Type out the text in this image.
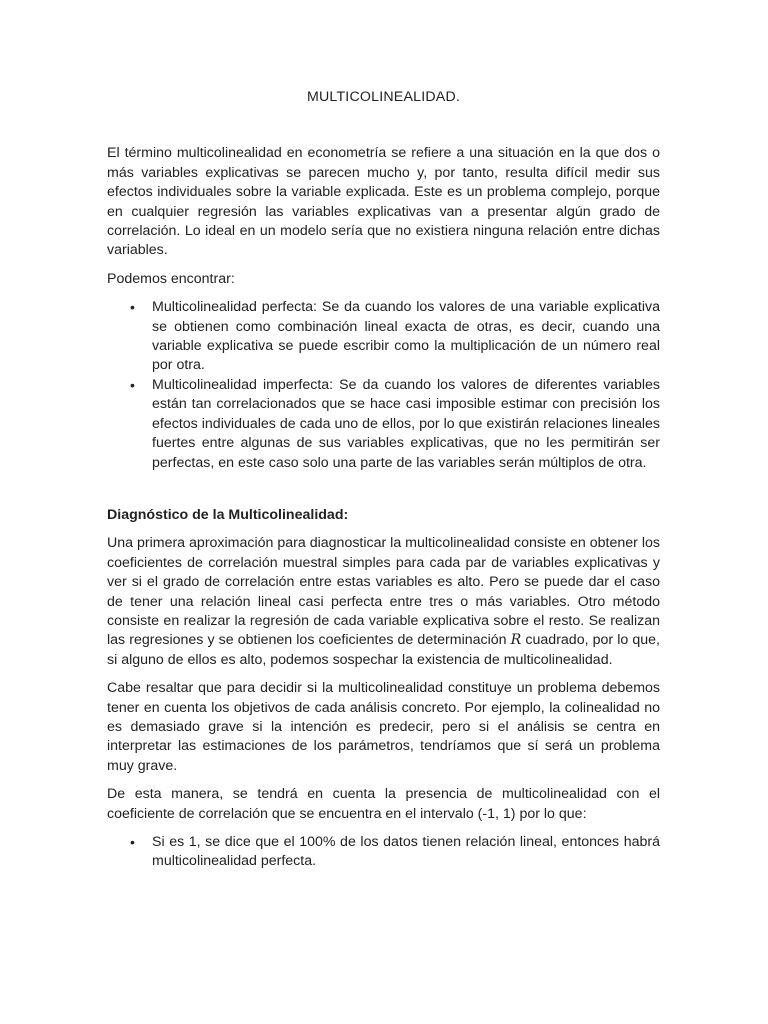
MULTICOLINEALIDAD.

El término multicolinealidad en econometría se refiere a una situación en la que dos o más variables explicativas se parecen mucho y, por tanto, resulta difícil medir sus efectos individuales sobre la variable explicada. Este es un problema complejo, porque en cualquier regresión las variables explicativas van a presentar algún grado de correlación. Lo ideal en un modelo sería que no existiera ninguna relación entre dichas variables.

Podemos encontrar:

• Multicolinealidad perfecta: Se da cuando los valores de una variable explicativa se obtienen como combinación lineal exacta de otras, es decir, cuando una variable explicativa se puede escribir como la multiplicación de un número real por otra.
• Multicolinealidad imperfecta: Se da cuando los valores de diferentes variables están tan correlacionados que se hace casi imposible estimar con precisión los efectos individuales de cada uno de ellos, por lo que existirán relaciones lineales fuertes entre algunas de sus variables explicativas, que no les permitirán ser perfectas, en este caso solo una parte de las variables serán múltiplos de otra.

Diagnóstico de la Multicolinealidad:

Una primera aproximación para diagnosticar la multicolinealidad consiste en obtener los coeficientes de correlación muestral simples para cada par de variables explicativas y ver si el grado de correlación entre estas variables es alto. Pero se puede dar el caso de tener una relación lineal casi perfecta entre tres o más variables. Otro método consiste en realizar la regresión de cada variable explicativa sobre el resto. Se realizan las regresiones y se obtienen los coeficientes de determinación R cuadrado, por lo que, si alguno de ellos es alto, podemos sospechar la existencia de multicolinealidad.

Cabe resaltar que para decidir si la multicolinealidad constituye un problema debemos tener en cuenta los objetivos de cada análisis concreto. Por ejemplo, la colinealidad no es demasiado grave si la intención es predecir, pero si el análisis se centra en interpretar las estimaciones de los parámetros, tendríamos que sí será un problema muy grave.

De esta manera, se tendrá en cuenta la presencia de multicolinealidad con el coeficiente de correlación que se encuentra en el intervalo (-1, 1) por lo que:

• Si es 1, se dice que el 100% de los datos tienen relación lineal, entonces habrá multicolinealidad perfecta.
